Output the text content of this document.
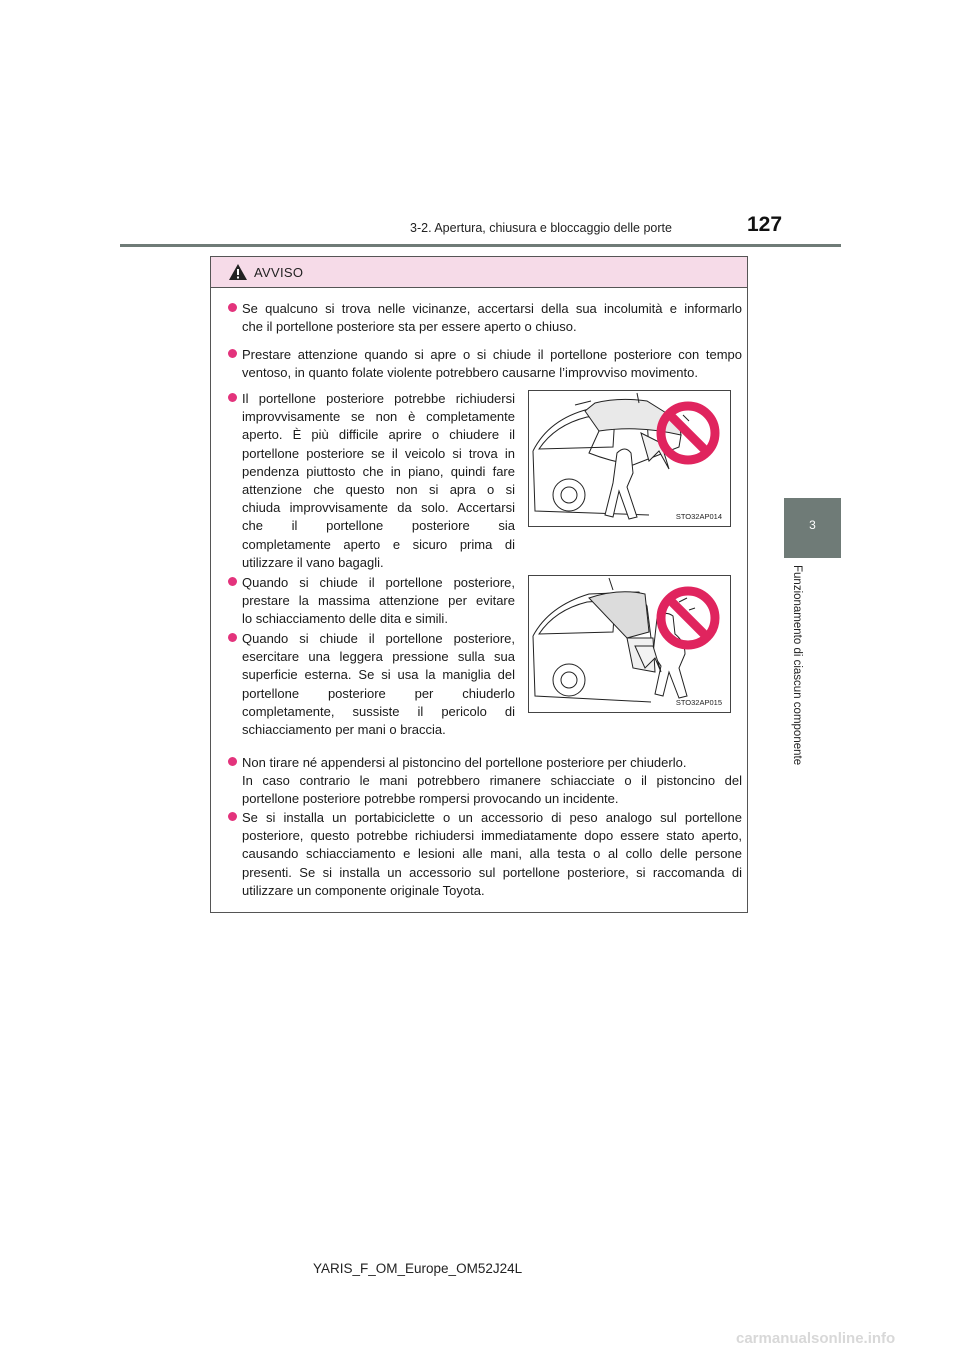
3-2. Apertura, chiusura e bloccaggio delle porte	127
3
Funzionamento di ciascun componente
AVVISO
Se qualcuno si trova nelle vicinanze, accertarsi della sua incolumità e informarlo
che il portellone posteriore sta per essere aperto o chiuso.
Prestare attenzione quando si apre o si chiude il portellone posteriore con tempo
ventoso, in quanto folate violente potrebbero causarne l’improvviso movimento.
Il portellone posteriore potrebbe richiudersi
improvvisamente se non è completamente
aperto. È più difficile aprire o chiudere il
portellone posteriore se il veicolo si trova in
pendenza piuttosto che in piano, quindi fare
attenzione che questo non si apra o si
chiuda improvvisamente da solo. Accertarsi
che il portellone posteriore sia
completamente aperto e sicuro prima di
utilizzare il vano bagagli.
STO32AP014
Quando si chiude il portellone posteriore,
prestare la massima attenzione per evitare
lo schiacciamento delle dita e simili.
Quando si chiude il portellone posteriore,
esercitare una leggera pressione sulla sua
superficie esterna. Se si usa la maniglia del
portellone posteriore per chiuderlo
completamente, sussiste il pericolo di
schiacciamento per mani o braccia.
STO32AP015
Non tirare né appendersi al pistoncino del portellone posteriore per chiuderlo.
In caso contrario le mani potrebbero rimanere schiacciate o il pistoncino del
portellone posteriore potrebbe rompersi provocando un incidente.
Se si installa un portabiciclette o un accessorio di peso analogo sul portellone
posteriore, questo potrebbe richiudersi immediatamente dopo essere stato aperto,
causando schiacciamento e lesioni alle mani, alla testa o al collo delle persone
presenti. Se si installa un accessorio sul portellone posteriore, si raccomanda di
utilizzare un componente originale Toyota.
YARIS_F_OM_Europe_OM52J24L
carmanualsonline.info
